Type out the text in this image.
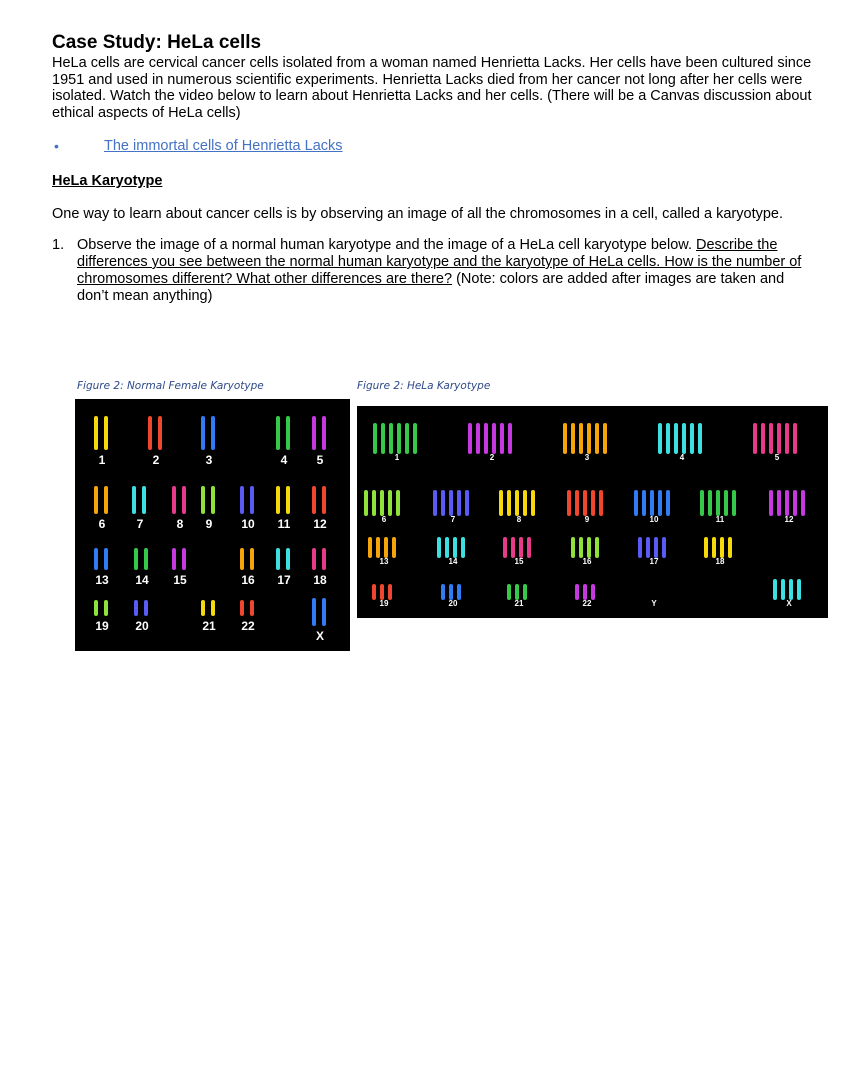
Case Study: HeLa cells

HeLa cells are cervical cancer cells isolated from a woman named Henrietta Lacks. Her cells have been cultured since 1951 and used in numerous scientific experiments. Henrietta Lacks died from her cancer not long after her cells were isolated. Watch the video below to learn about Henrietta Lacks and her cells. (There will be a Canvas discussion about ethical aspects of HeLa cells)

•	The immortal cells of Henrietta Lacks
HeLa Karyotype
One way to learn about cancer cells is by observing an image of all the chromosomes in a cell, called a karyotype.
1. Observe the image of a normal human karyotype and the image of a HeLa cell karyotype below. Describe the differences you see between the normal human karyotype and the karyotype of HeLa cells. How is the number of chromosomes different? What other differences are there? (Note: colors are added after images are taken and don’t mean anything)
Figure 2: Normal Female Karyotype	Figure 2: HeLa Karyotype
1	2	3	4 5
6	7	8 9 10 11 12
13 14 15	16 17 18
19 20	21 22
X
1	2	3	4	5
6	7	8	9	10	11	12
13	14	15	16	17	18
19	20	21	22	Y	X
